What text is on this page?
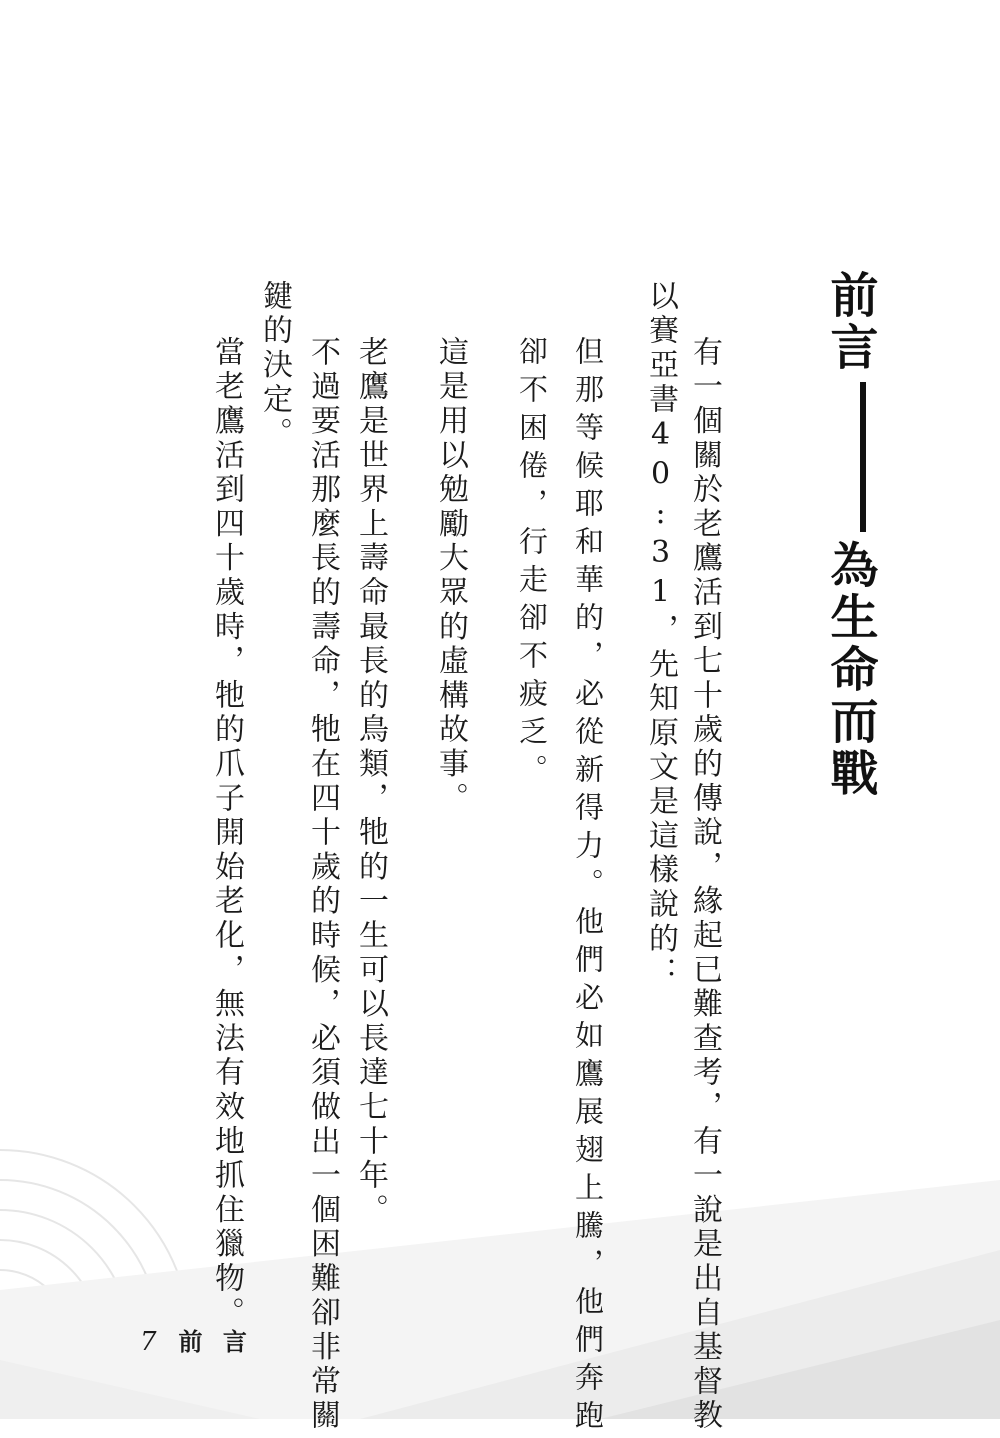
前言為生命而戰

有一個關於老鷹活到七十歲的傳說，緣起已難查考，有一說是出自基督教

以賽亞書40:31，先知原文是這樣說的：

但那等候耶和華的，必從新得力。他們必如鷹展翅上騰，他們奔跑

卻不困倦，行走卻不疲乏。

這是用以勉勵大眾的虛構故事。

老鷹是世界上壽命最長的鳥類，牠的一生可以長達七十年。

不過要活那麼長的壽命，牠在四十歲的時候，必須做出一個困難卻非常關

鍵的決定。

當老鷹活到四十歲時，牠的爪子開始老化，無法有效地抓住獵物。

7 前 言
